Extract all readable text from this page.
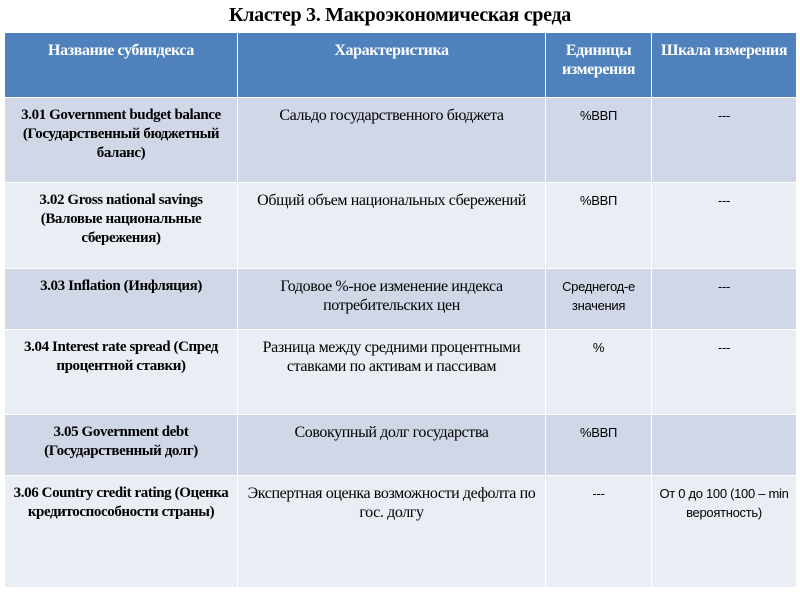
Кластер 3. Макроэкономическая среда
Название субиндекса	Характеристика	Единицы измерения	Шкала измерения
3.01 Government budget balance (Государственный бюджетный баланс)	Сальдо государственного бюджета	%ВВП	---
3.02 Gross national savings (Валовые национальные сбережения)	Общий объем национальных сбережений	%ВВП	---
3.03 Inflation (Инфляция)	Годовое %-ное изменение индекса потребительских цен	Среднегод-е значения	---
3.04 Interest rate spread (Спред процентной ставки)	Разница между средними процентными ставками по активам и пассивам	%	---
3.05 Government debt (Государственный долг)	Совокупный долг государства	%ВВП	
3.06 Country credit rating (Оценка кредитоспособности страны)	Экспертная оценка возможности дефолта по гос. долгу	---	От 0 до 100 (100 – min вероятность)
